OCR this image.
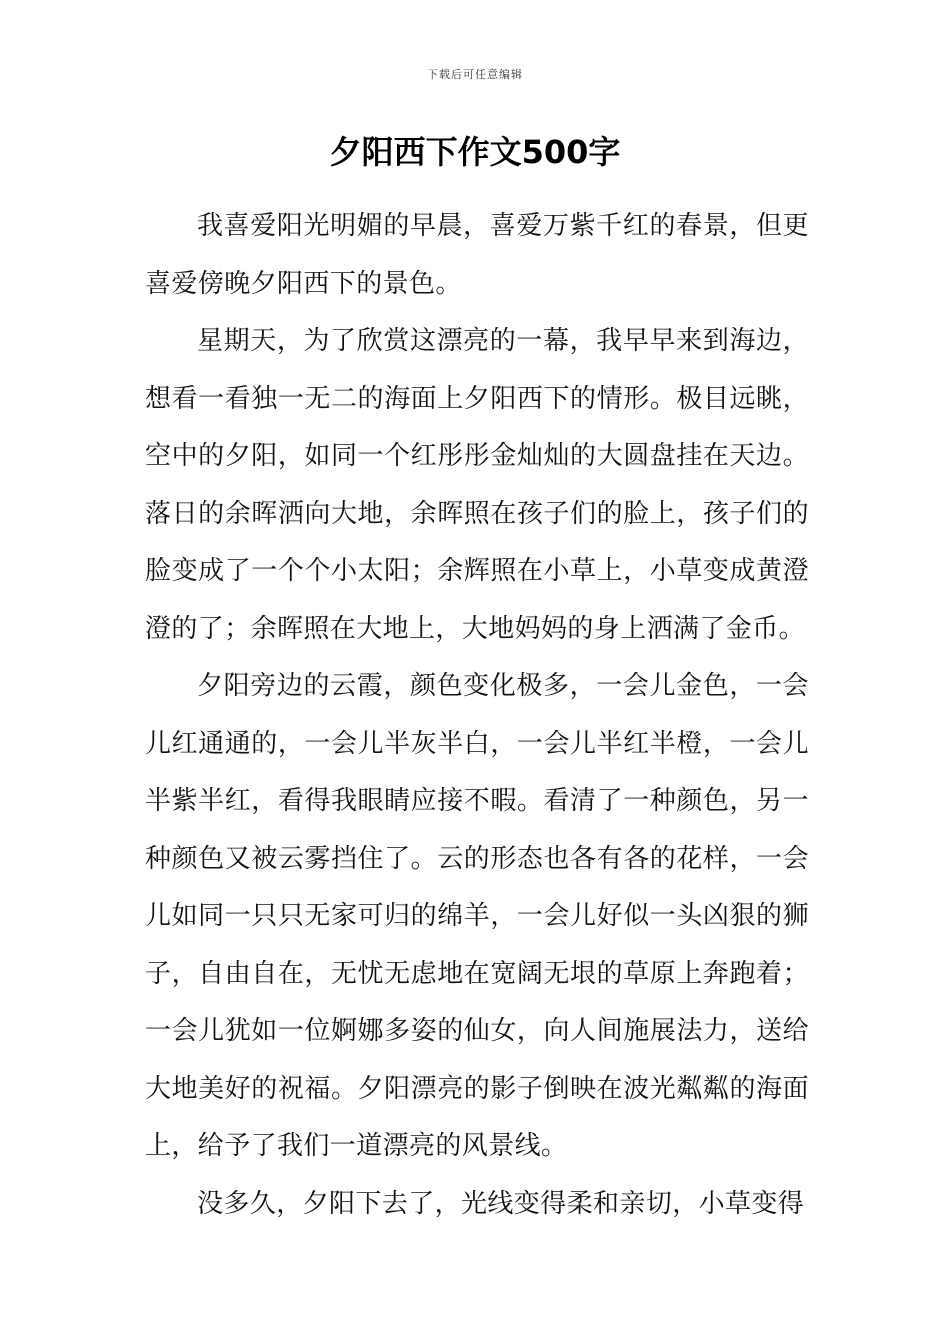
下载后可任意编辑
夕阳西下作文500字

我喜爱阳光明媚的早晨，喜爱万紫千红的春景，但更喜爱傍晚夕阳西下的景色。

星期天，为了欣赏这漂亮的一幕，我早早来到海边，想看一看独一无二的海面上夕阳西下的情形。极目远眺，空中的夕阳，如同一个红彤彤金灿灿的大圆盘挂在天边。落日的余晖洒向大地，余晖照在孩子们的脸上，孩子们的脸变成了一个个小太阳；余辉照在小草上，小草变成黄澄澄的了；余晖照在大地上，大地妈妈的身上洒满了金币。

夕阳旁边的云霞，颜色变化极多，一会儿金色，一会儿红通通的，一会儿半灰半白，一会儿半红半橙，一会儿半紫半红，看得我眼睛应接不暇。看清了一种颜色，另一种颜色又被云雾挡住了。云的形态也各有各的花样，一会儿如同一只只无家可归的绵羊，一会儿好似一头凶狠的狮子，自由自在，无忧无虑地在宽阔无垠的草原上奔跑着；一会儿犹如一位婀娜多姿的仙女，向人间施展法力，送给大地美好的祝福。夕阳漂亮的影子倒映在波光粼粼的海面上，给予了我们一道漂亮的风景线。

没多久，夕阳下去了，光线变得柔和亲切，小草变得
